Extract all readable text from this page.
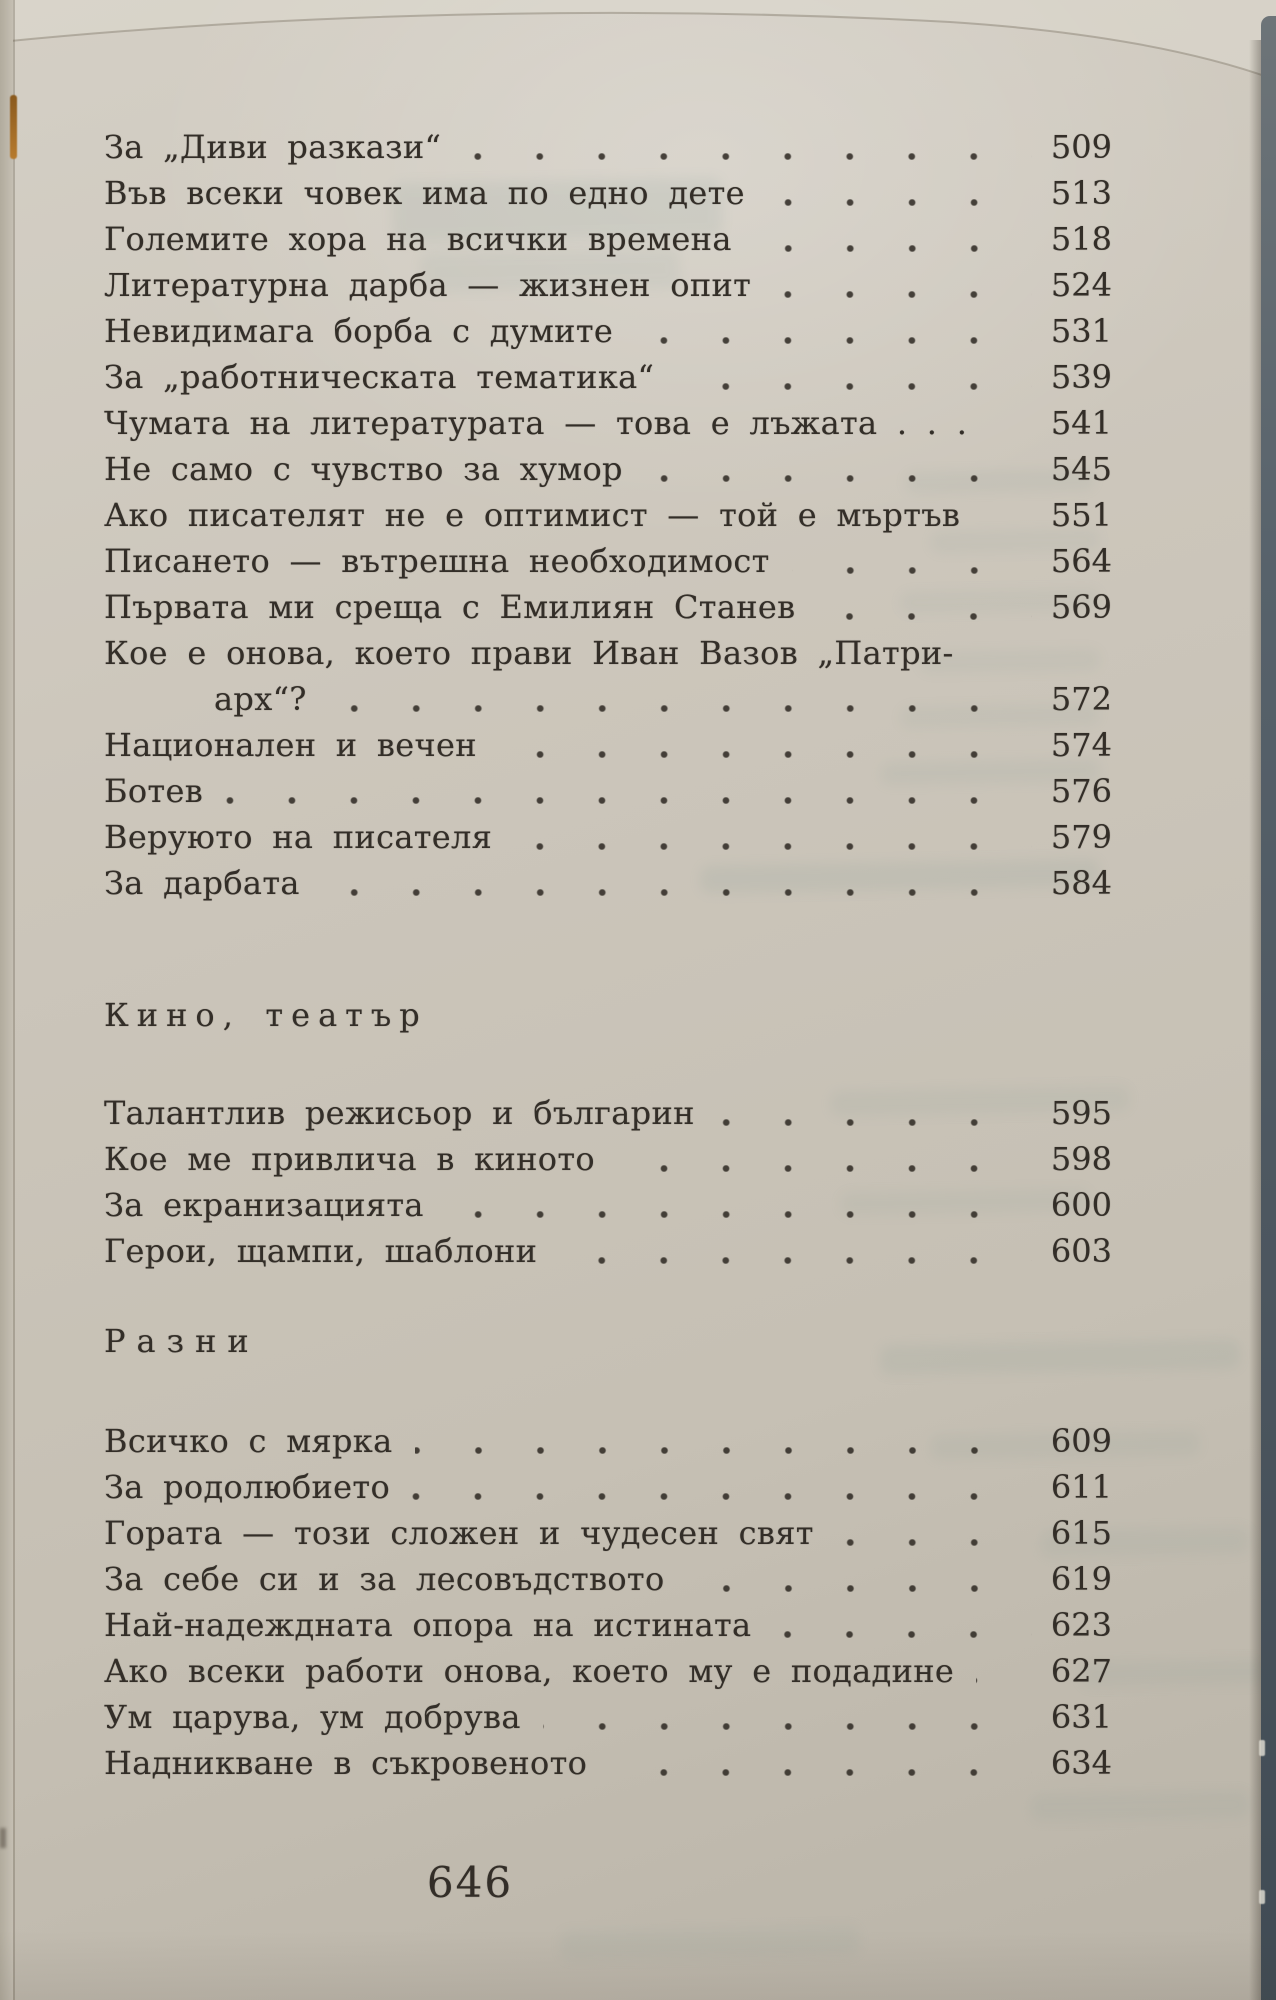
За „Диви разкази“	509
Във всеки човек има по едно дете	513
Големите хора на всички времена	518
Литературна дарба — жизнен опит	524
Невидимага борба с думите	531
За „работническата тематика“	539
Чумата на литературата — това е лъжата . . .	541
Не само с чувство за хумор	545
Ако писателят не е оптимист — той е мъртъв	551
Писането — вътрешна необходимост	564
Първата ми среща с Емилиян Станев	569
Кое е онова, което прави Иван Вазов „Патри-
арх“?	572
Национален и вечен	574
Ботев	576
Веруюто на писателя	579
За дарбата	584
Кино, театър
Талантлив режисьор и българин	595
Кое ме привлича в киното	598
За екранизацията	600
Герои, щампи, шаблони	603
Разни
Всичко с мярка	609
За родолюбието	611
Гората — този сложен и чудесен свят	615
За себе си и за лесовъдството	619
Най-надеждната опора на истината	623
Ако всеки работи онова, което му е подадине	627
Ум царува, ум добрува	631
Надникване в съкровеното	634
646
